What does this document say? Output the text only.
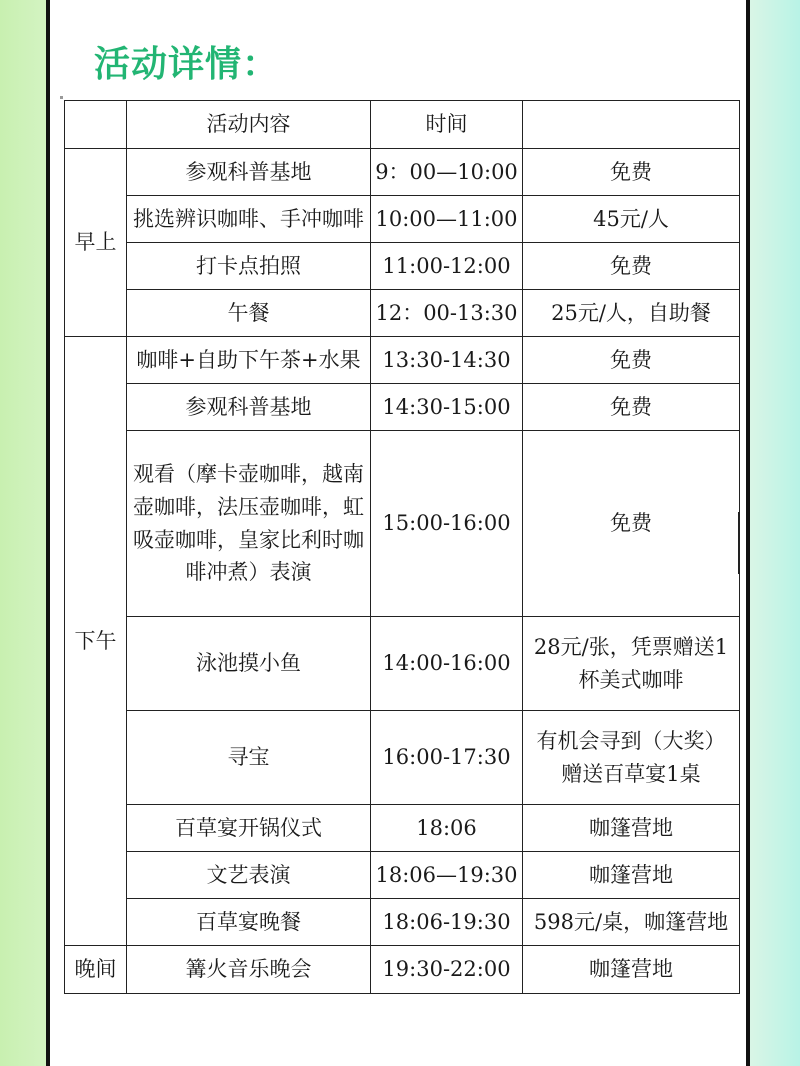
活动详情：
	活动内容	时间	
早上	参观科普基地	9：00—10:00	免费
	挑选辨识咖啡、手冲咖啡	10:00—11:00	45元/人
	打卡点拍照	11:00-12:00	免费
	午餐	12：00-13:30	25元/人，自助餐
下午	咖啡+自助下午茶+水果	13:30-14:30	免费
	参观科普基地	14:30-15:00	免费
	观看（摩卡壶咖啡，越南壶咖啡，法压壶咖啡，虹吸壶咖啡，皇家比利时咖啡冲煮）表演	15:00-16:00	免费
	泳池摸小鱼	14:00-16:00	28元/张，凭票赠送1杯美式咖啡
	寻宝	16:00-17:30	有机会寻到（大奖）赠送百草宴1桌
	百草宴开锅仪式	18:06	咖篷营地
	文艺表演	18:06—19:30	咖篷营地
	百草宴晚餐	18:06-19:30	598元/桌，咖篷营地
晚间	篝火音乐晚会	19:30-22:00	咖篷营地
